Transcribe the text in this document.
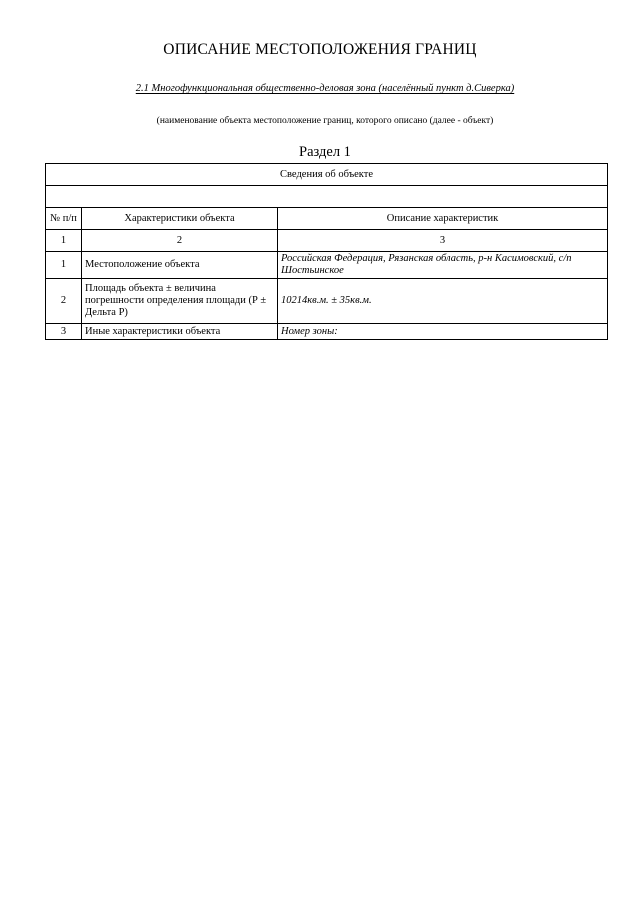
ОПИСАНИЕ МЕСТОПОЛОЖЕНИЯ ГРАНИЦ
2.1 Многофункциональная общественно-деловая зона (населённый пункт д.Сиверка)
(наименование объекта местоположение границ, которого описано (далее - объект)
Раздел 1
Сведения об объекте		

№ п/п	Характеристики объекта	Описание характеристик
1	2	3
1	Местоположение объекта	Российская Федерация, Рязанская область, р-н Касимовский, с/п Шостьинское
2	Площадь объекта ± величина погрешности определения площади (Р ± Дельта Р)	10214кв.м. ± 35кв.м.
3	Иные характеристики объекта	Номер зоны:
